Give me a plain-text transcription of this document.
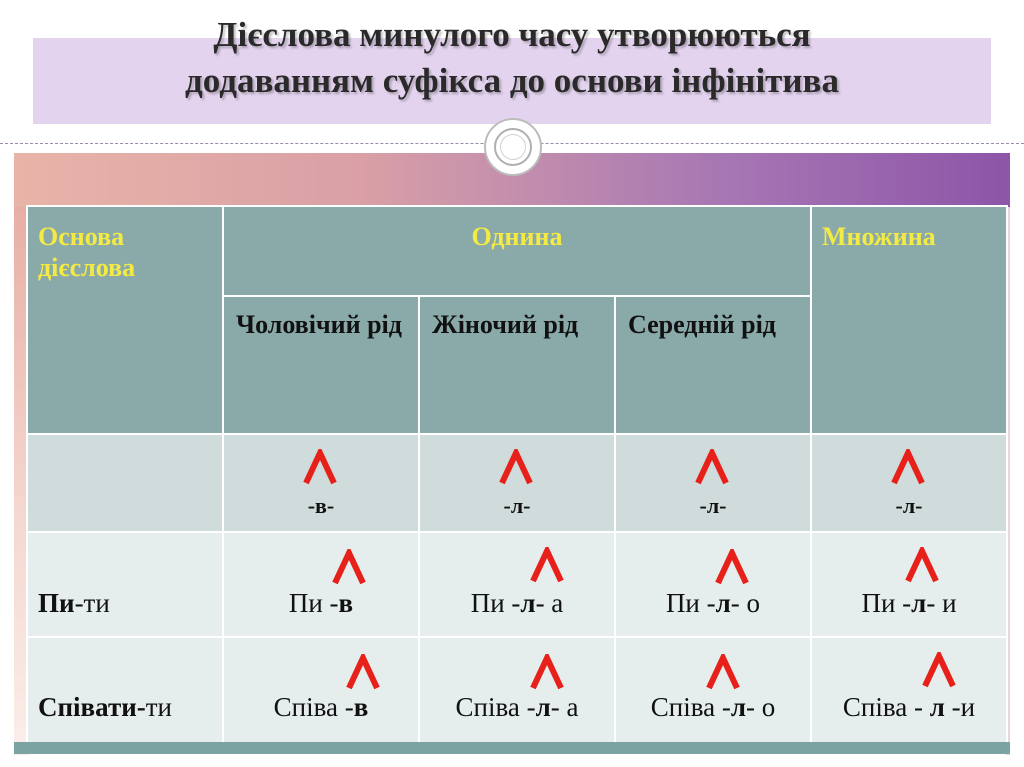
Дієслова минулого часу утворюються
додаванням суфікса до основи інфінітива
Основа дієслова	Однина			Множина

	Чоловічий рід	Жіночий рід	Середній рід	

	-в-	-л-	-л-	-л-

Пи-ти	Пи -в	Пи -л- а	Пи -л- о	Пи -л- и

Співати-ти	Співа -в	Співа -л- а	Співа -л- о	Співа - л -и
